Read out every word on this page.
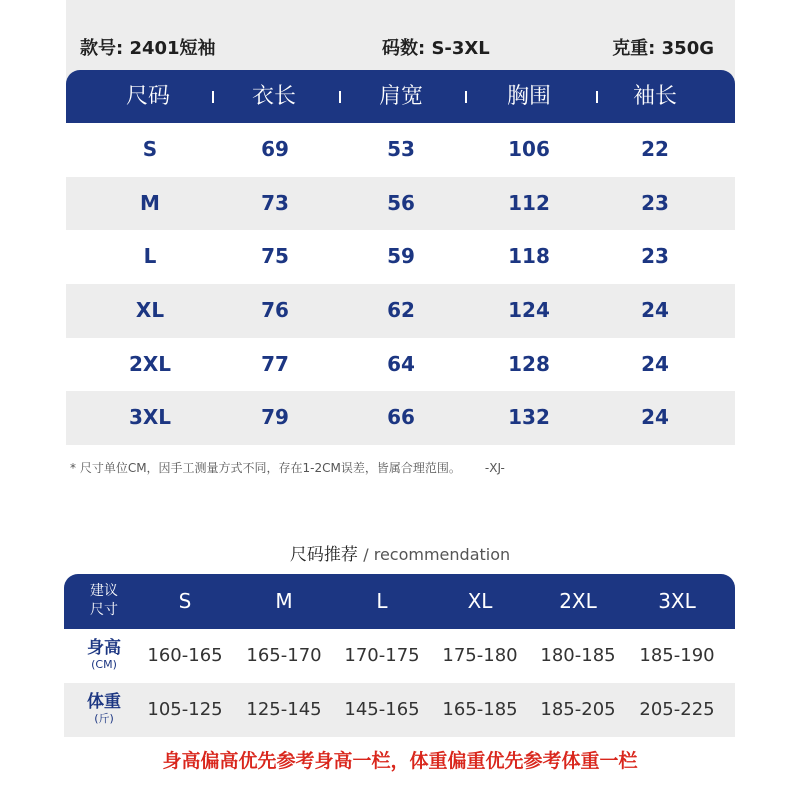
款号: 2401短袖	码数: S-3XL	克重: 350G
尺码	衣长	肩宽	胸围	袖长
S	69	53	106	22
M	73	56	112	23
L	75	59	118	23
XL	76	62	124	24
2XL	77	64	128	24
3XL	79	66	132	24
* 尺寸单位CM，因手工测量方式不同，存在1-2CM误差，皆属合理范围。 -XJ-
尺码推荐 / recommendation
建议
尺寸	S	M	L	XL	2XL	3XL
身高
(CM)	160-165	165-170	170-175	175-180	180-185	185-190
体重
(斤)	105-125	125-145	145-165	165-185	185-205	205-225
身高偏高优先参考身高一栏，体重偏重优先参考体重一栏
